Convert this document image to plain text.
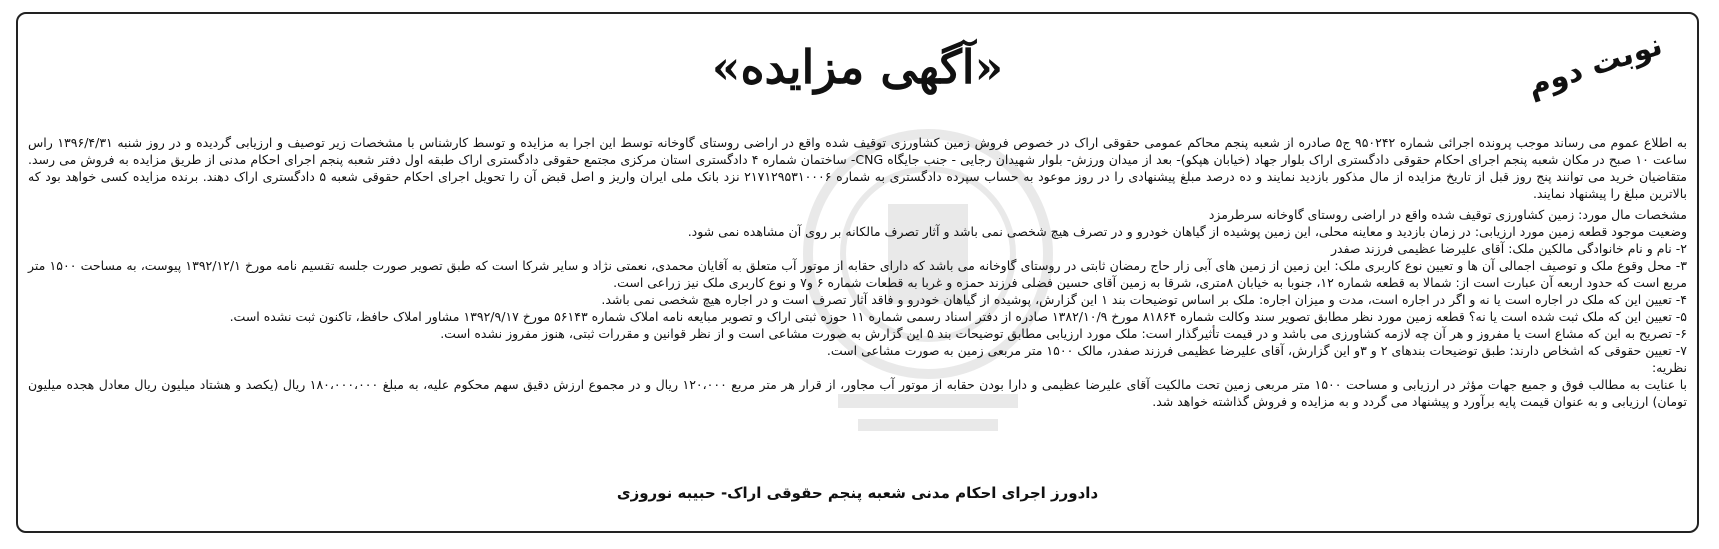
نوبت دوم
«آگهی مزایده»

به اطلاع عموم می رساند موجب پرونده اجرائی شماره ۹۵۰۲۴۲ ج۵ صادره از شعبه پنجم محاکم عمومی حقوقی اراک در خصوص فروش زمین کشاورزی توقیف شده واقع در اراضی روستای گاوخانه توسط این اجرا به مزایده و توسط کارشناس با مشخصات زیر توصیف و ارزیابی گردیده و در روز شنبه ۱۳۹۶/۴/۳۱ راس ساعت ۱۰ صبح در مکان شعبه پنجم اجرای احکام حقوقی دادگستری اراک بلوار جهاد (خیابان هپکو)- بعد از میدان ورزش- بلوار شهیدان رجایی - جنب جایگاه CNG- ساختمان شماره ۴ دادگستری استان مرکزی مجتمع حقوقی دادگستری اراک طبقه اول دفتر شعبه پنجم اجرای احکام مدنی از طریق مزایده به فروش می رسد. متقاضیان خرید می توانند پنج روز قبل از تاریخ مزایده از مال مذکور بازدید نمایند و ده درصد مبلغ پیشنهادی را در روز موعود به حساب سپرده دادگستری به شماره ۲۱۷۱۲۹۵۳۱۰۰۰۶ نزد بانک ملی ایران واریز و اصل قبض آن را تحویل اجرای احکام حقوقی شعبه ۵ دادگستری اراک دهند. برنده مزایده کسی خواهد بود که بالاترین مبلغ را پیشنهاد نمایند.

مشخصات مال مورد: زمین کشاورزی توقیف شده واقع در اراضی روستای گاوخانه سرطرمزد

وضعیت موجود قطعه زمین مورد ارزیابی: در زمان بازدید و معاینه محلی، این زمین پوشیده از گیاهان خودرو و در تصرف هیچ شخصی نمی باشد و آثار تصرف مالکانه بر روی آن مشاهده نمی شود.

۲- نام و نام خانوادگی مالکین ملک: آقای علیرضا عظیمی فرزند صفدر

۳- محل وقوع ملک و توصیف اجمالی آن ها و تعیین نوع کاربری ملک: این زمین از زمین های آبی زار حاج رمضان ثابتی در روستای گاوخانه می باشد که دارای حقابه از موتور آب متعلق به آقایان محمدی، نعمتی نژاد و سایر شرکا است که طبق تصویر صورت جلسه تقسیم نامه مورخ ۱۳۹۲/۱۲/۱ پیوست، به مساحت ۱۵۰۰ متر مربع است که حدود اربعه آن عبارت است از: شمالا به قطعه شماره ۱۲، جنوبا به خیابان ۸متری، شرقا به زمین آقای حسین فضلی فرزند حمزه و غربا به قطعات شماره ۶ و۷ و نوع کاربری ملک نیز زراعی است.

۴- تعیین این که ملک در اجاره است یا نه و اگر در اجاره است، مدت و میزان اجاره: ملک بر اساس توضیحات بند ۱ این گزارش، پوشیده از گیاهان خودرو و فاقد آثار تصرف است و در اجاره هیچ شخصی نمی باشد.

۵- تعیین این که ملک ثبت شده است یا نه؟ قطعه زمین مورد نظر مطابق تصویر سند وکالت شماره ۸۱۸۶۴ مورخ ۱۳۸۲/۱۰/۹ صادره از دفتر اسناد رسمی شماره ۱۱ حوزه ثبتی اراک و تصویر مبایعه نامه املاک شماره ۵۶۱۴۳ مورخ ۱۳۹۲/۹/۱۷ مشاور املاک حافظ، تاکنون ثبت نشده است.

۶- تصریح به این که مشاع است یا مفروز و هر آن چه لازمه کشاورزی می باشد و در قیمت تأثیرگذار است: ملک مورد ارزیابی مطابق توضیحات بند ۵ این گزارش به صورت مشاعی است و از نظر قوانین و مقررات ثبتی، هنوز مفروز نشده است.

۷- تعیین حقوقی که اشخاص دارند: طبق توضیحات بندهای ۲ و ۳و این گزارش، آقای علیرضا عظیمی فرزند صفدر، مالک ۱۵۰۰ متر مربعی زمین به صورت مشاعی است.

نظریه:

با عنایت به مطالب فوق و جمیع جهات مؤثر در ارزیابی و مساحت ۱۵۰۰ متر مربعی زمین تحت مالکیت آقای علیرضا عظیمی و دارا بودن حقابه از موتور آب مجاور، از قرار هر متر مربع ۱۲۰،۰۰۰ ریال و در مجموع ارزش دقیق سهم محکوم علیه، به مبلغ ۱۸۰،۰۰۰،۰۰۰ ریال (یکصد و هشتاد میلیون ریال معادل هجده میلیون تومان) ارزیابی و به عنوان قیمت پایه برآورد و پیشنهاد می گردد و به مزایده و فروش گذاشته خواهد شد.

دادورز اجرای احکام مدنی شعبه پنجم حقوقی اراک- حبیبه نوروزی
